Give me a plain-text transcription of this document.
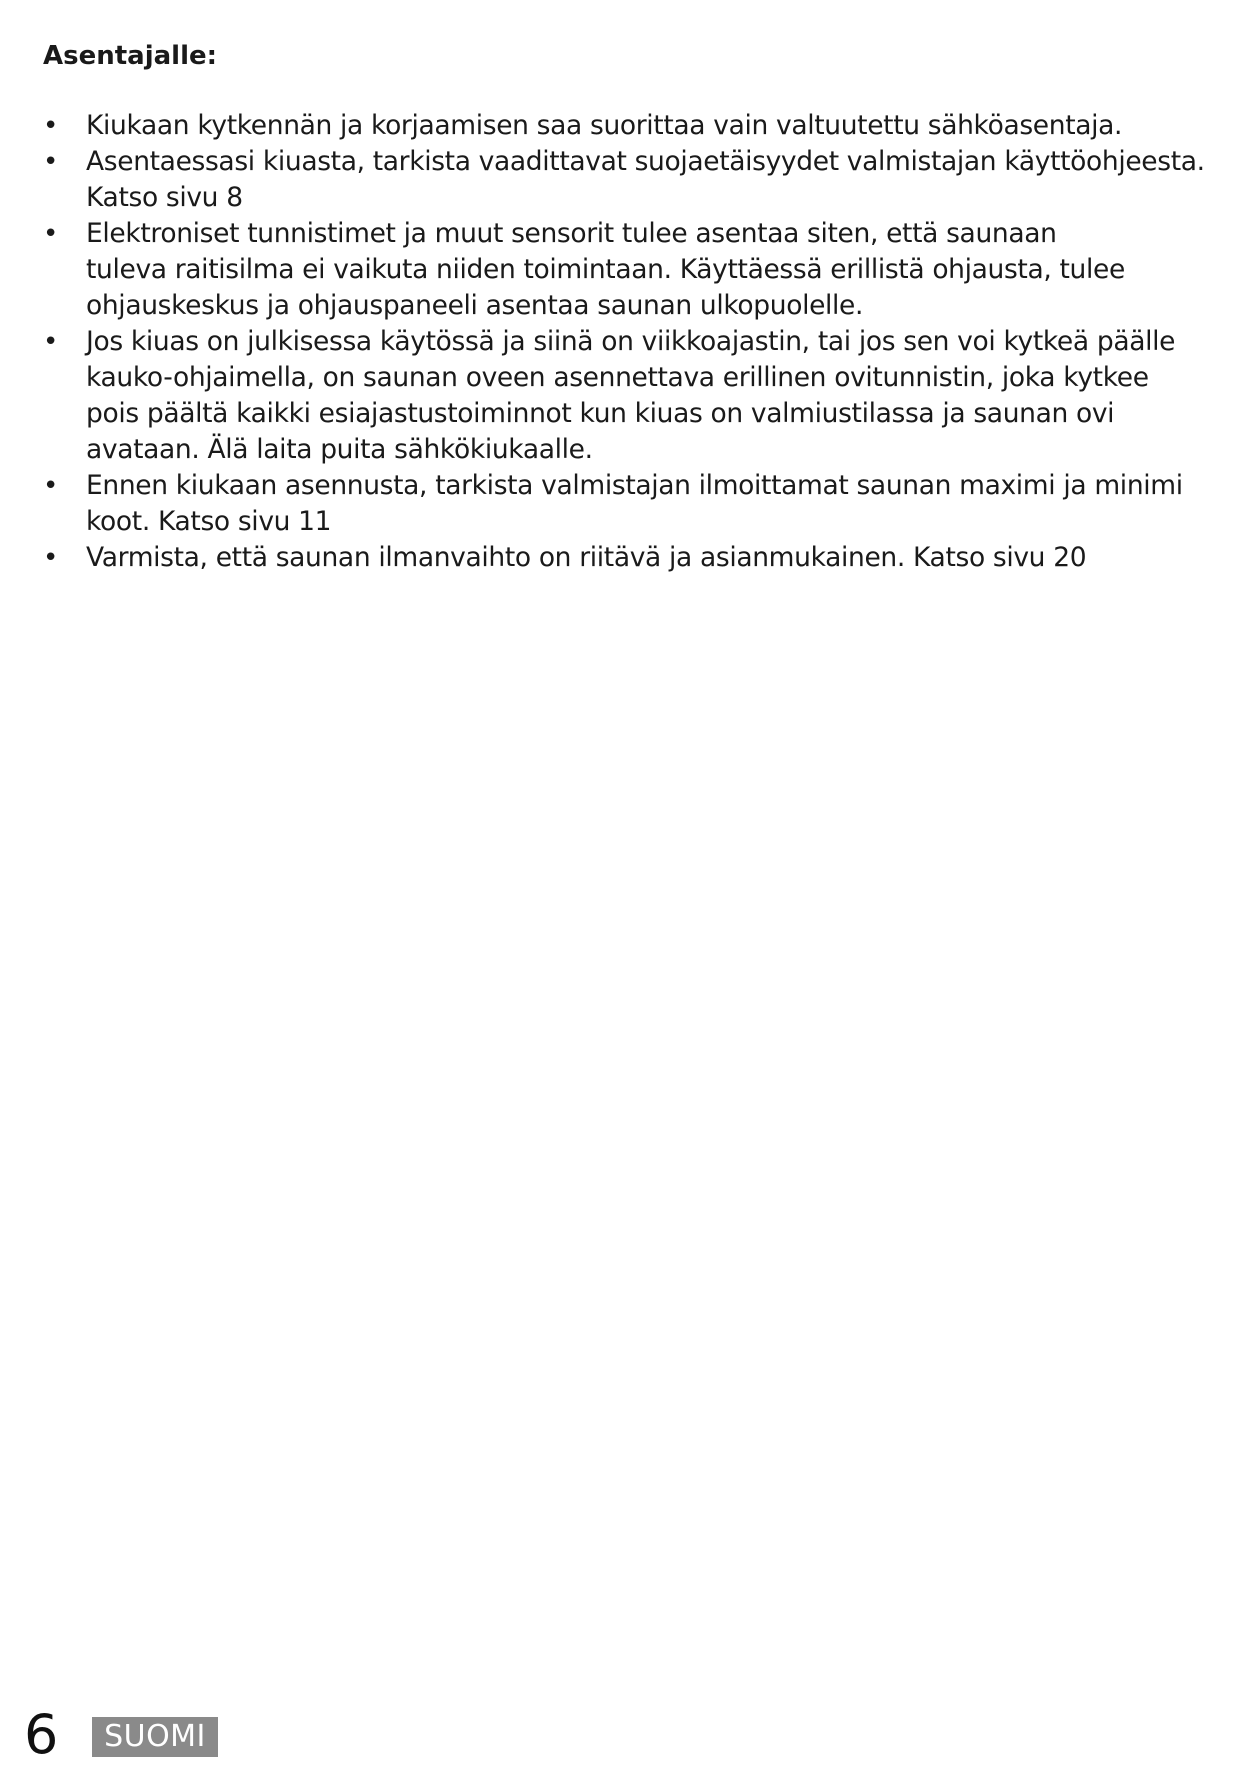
Asentajalle:
• Kiukaan kytkennän ja korjaamisen saa suorittaa vain valtuutettu sähköasentaja.
• Asentaessasi kiuasta, tarkista vaadittavat suojaetäisyydet valmistajan käyttöohjeesta.
Katso sivu 8
• Elektroniset tunnistimet ja muut sensorit tulee asentaa siten, että saunaan
tuleva raitisilma ei vaikuta niiden toimintaan. Käyttäessä erillistä ohjausta, tulee
ohjauskeskus ja ohjauspaneeli asentaa saunan ulkopuolelle.
• Jos kiuas on julkisessa käytössä ja siinä on viikkoajastin, tai jos sen voi kytkeä päälle
kauko-ohjaimella, on saunan oveen asennettava erillinen ovitunnistin, joka kytkee
pois päältä kaikki esiajastustoiminnot kun kiuas on valmiustilassa ja saunan ovi
avataan. Älä laita puita sähkökiukaalle.
• Ennen kiukaan asennusta, tarkista valmistajan ilmoittamat saunan maximi ja minimi
koot. Katso sivu 11
• Varmista, että saunan ilmanvaihto on riitävä ja asianmukainen. Katso sivu 20
6	SUOMI
